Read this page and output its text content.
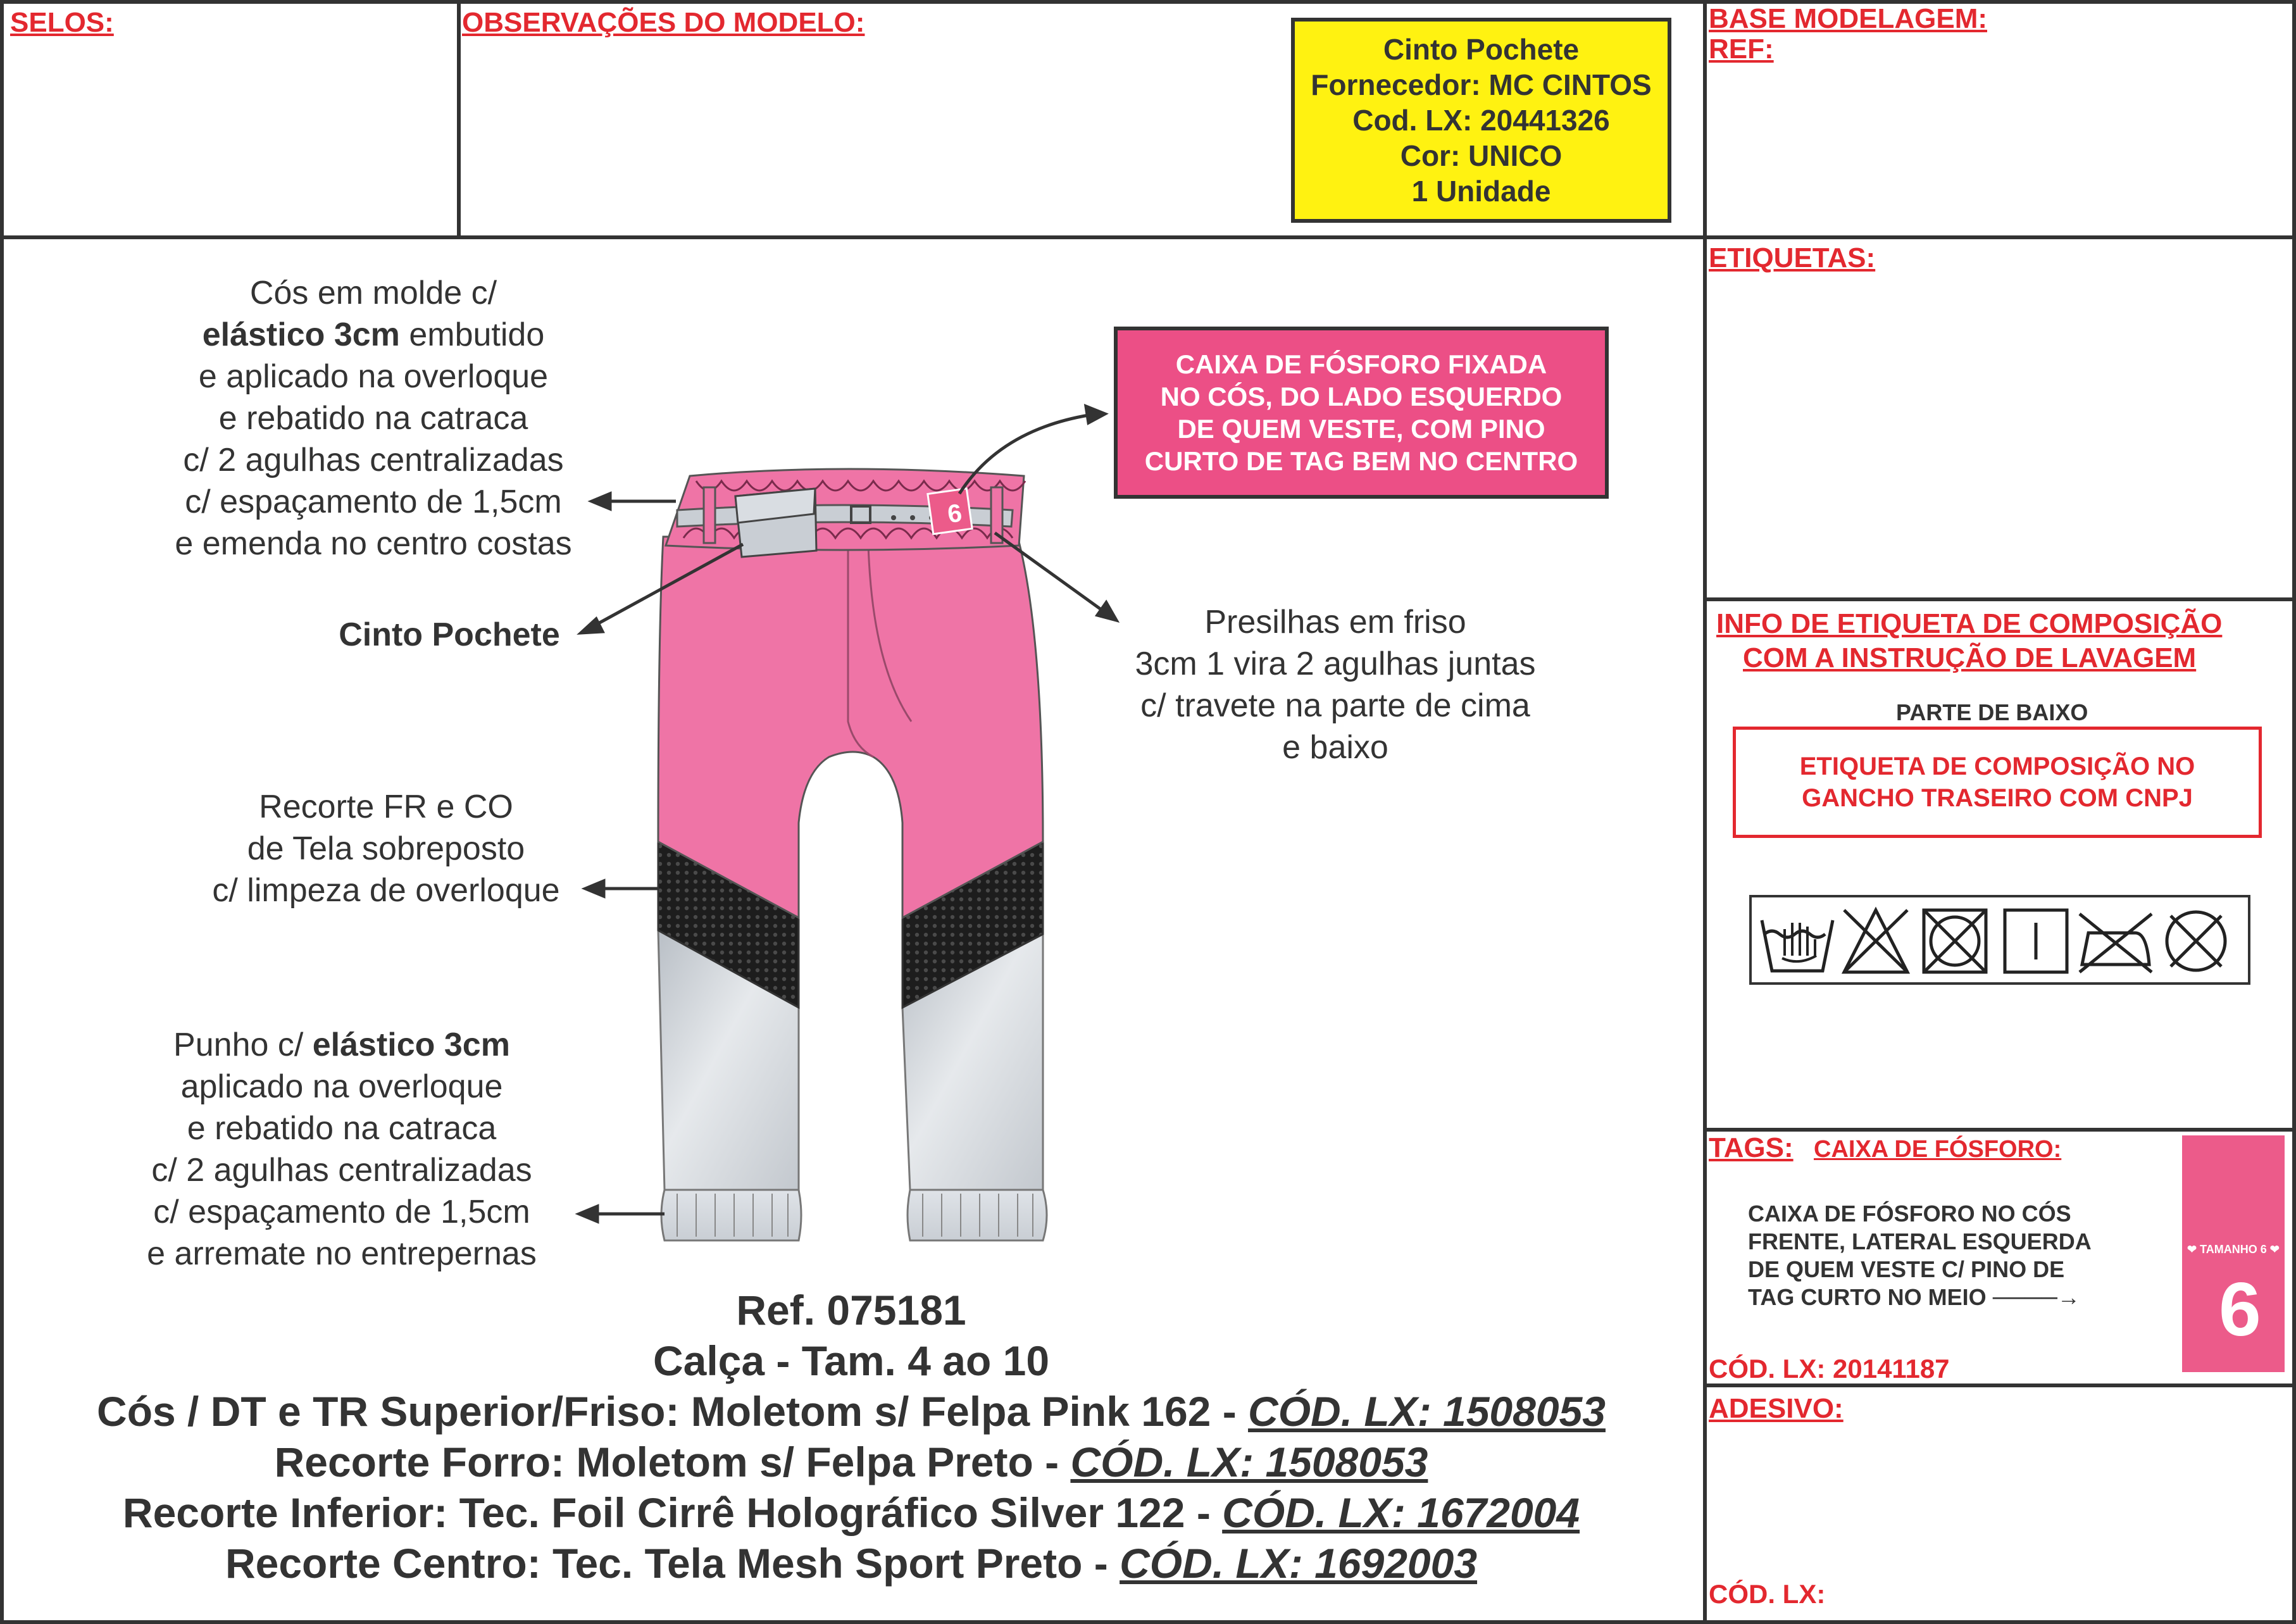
SELOS:	OBSERVAÇÕES DO MODELO:	BASE MODELAGEM:
REF:
Cinto Pochete
Fornecedor: MC CINTOS
Cod. LX: 20441326
Cor: UNICO
1 Unidade
Cós em molde c/
elástico 3cm embutido
e aplicado na overloque
e rebatido na catraca
c/ 2 agulhas centralizadas
c/ espaçamento de 1,5cm
e emenda no centro costas
Cinto Pochete
Recorte FR e CO
de Tela sobreposto
c/ limpeza de overloque
Punho c/ elástico 3cm
aplicado na overloque
e rebatido na catraca
c/ 2 agulhas centralizadas
c/ espaçamento de 1,5cm
e arremate no entrepernas
Presilhas em friso
3cm 1 vira 2 agulhas juntas
c/ travete na parte de cima
e baixo
CAIXA DE FÓSFORO FIXADA
NO CÓS, DO LADO ESQUERDO
DE QUEM VESTE, COM PINO
CURTO DE TAG BEM NO CENTRO
6
Ref. 075181
Calça - Tam. 4 ao 10
Cós / DT e TR Superior/Friso: Moletom s/ Felpa Pink 162 - CÓD. LX: 1508053
Recorte Forro: Moletom s/ Felpa Preto - CÓD. LX: 1508053
Recorte Inferior: Tec. Foil Cirrê Holográfico Silver 122 - CÓD. LX: 1672004
Recorte Centro: Tec. Tela Mesh Sport Preto - CÓD. LX: 1692003
ETIQUETAS:
INFO DE ETIQUETA DE COMPOSIÇÃO
COM A INSTRUÇÃO DE LAVAGEM
PARTE DE BAIXO
ETIQUETA DE COMPOSIÇÃO NO
GANCHO TRASEIRO COM CNPJ
TAGS: CAIXA DE FÓSFORO:
CAIXA DE FÓSFORO NO CÓS
FRENTE, LATERAL ESQUERDA
DE QUEM VESTE C/ PINO DE
TAG CURTO NO MEIO ────→
CÓD. LX: 20141187
❤ TAMANHO 6 ❤
TAMANHO 6
ADESIVO:
CÓD. LX:
